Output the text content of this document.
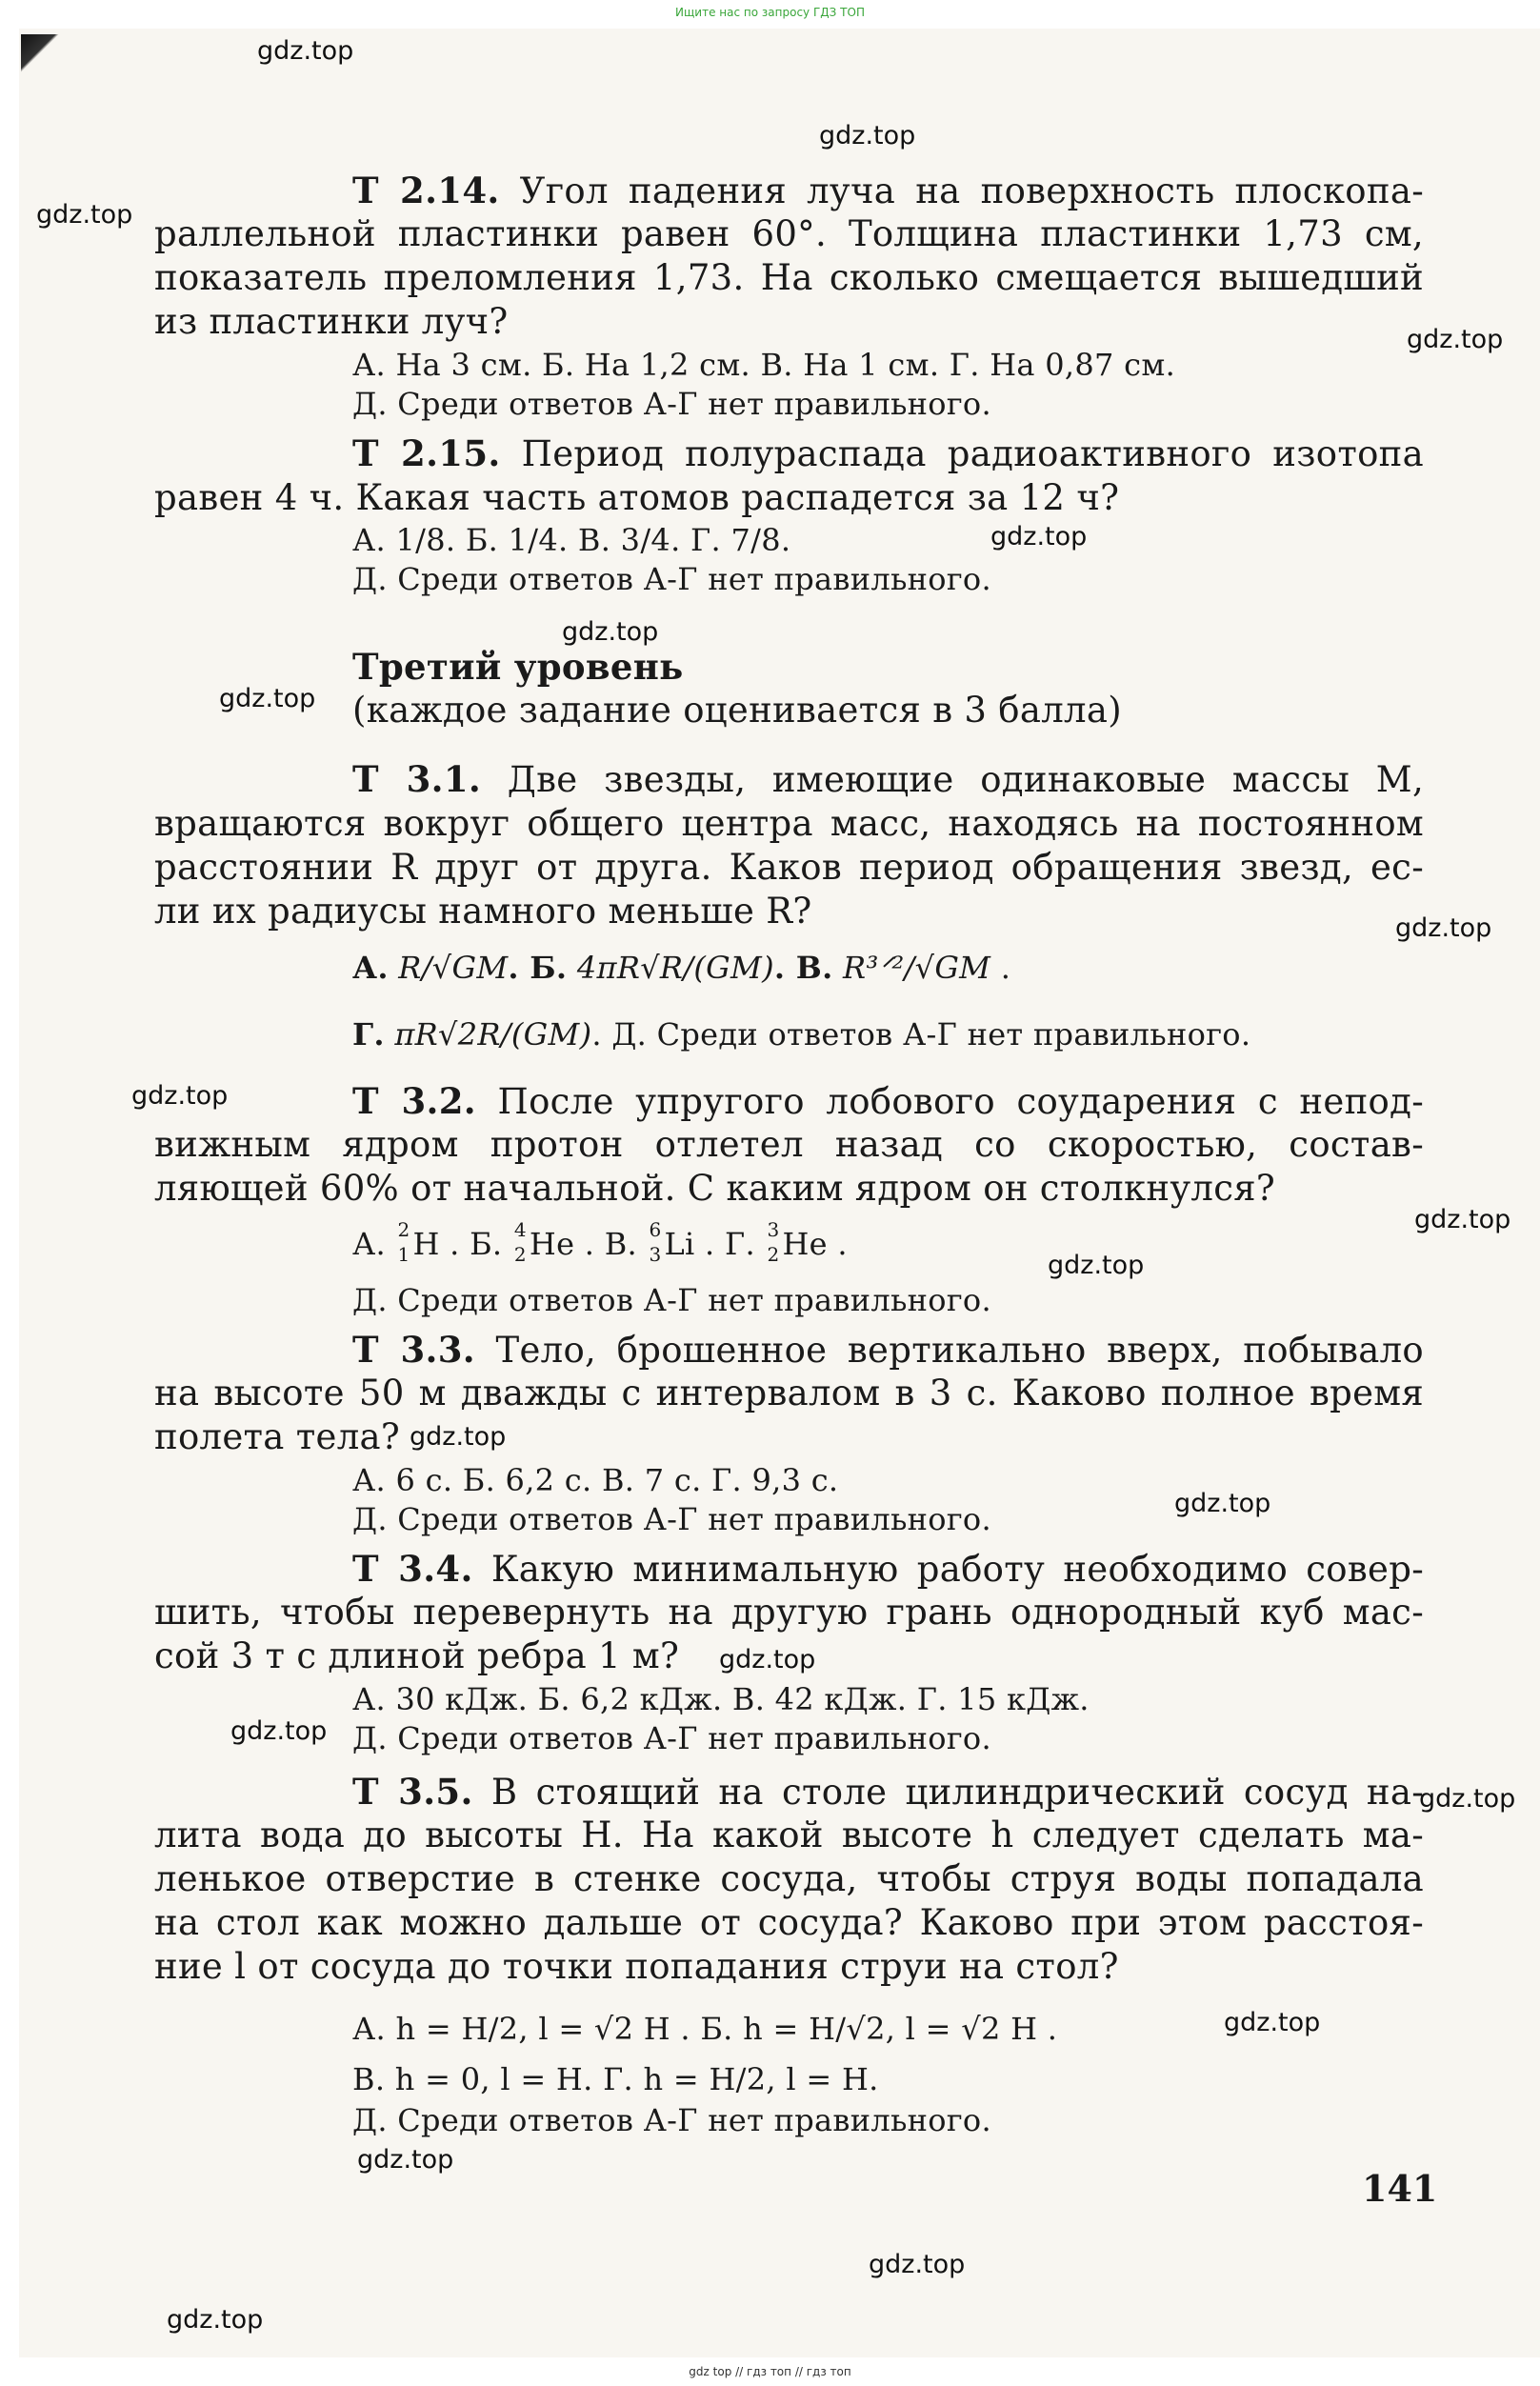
Ищите нас по запросу ГДЗ ТОП
gdz.top
gdz.top
gdz.top
gdz.top
gdz.top
gdz.top
gdz.top
gdz.top
gdz.top
gdz.top
gdz.top
gdz.top
gdz.top
gdz.top
gdz.top
gdz.top
gdz.top
gdz.top
gdz.top
gdz.top
Т 2.14. Угол падения луча на поверхность плоскопа-
раллельной пластинки равен 60°. Толщина пластинки 1,73 см,
показатель преломления 1,73. На сколько смещается вышедший
из пластинки луч?
А. На 3 см. Б. На 1,2 см. В. На 1 см. Г. На 0,87 см.
Д. Среди ответов А-Г нет правильного.
Т 2.15. Период полураспада радиоактивного изотопа
равен 4 ч. Какая часть атомов распадется за 12 ч?
А. 1/8. Б. 1/4. В. 3/4. Г. 7/8.
Д. Среди ответов А-Г нет правильного.
Третий уровень
(каждое задание оценивается в 3 балла)
Т 3.1. Две звезды, имеющие одинаковые массы M,
вращаются вокруг общего центра масс, находясь на постоянном
расстоянии R друг от друга. Каков период обращения звезд, ес-
ли их радиусы намного меньше R?
А. R/√GM. Б. 4πR√R/(GM). В. R³ᐟ²/√GM .
Г. πR√2R/(GM). Д. Среди ответов А-Г нет правильного.
Т 3.2. После упругого лобового соударения с непод-
вижным ядром протон отлетел назад со скоростью, состав-
ляющей 60% от начальной. С каким ядром он столкнулся?
А. 2
1 H . Б. 4
2 He . В. 6
3 Li . Г. 3
2 He .
Д. Среди ответов А-Г нет правильного.
Т 3.3. Тело, брошенное вертикально вверх, побывало
на высоте 50 м дважды с интервалом в 3 с. Каково полное время
полета тела?
А. 6 с. Б. 6,2 с. В. 7 с. Г. 9,3 с.
Д. Среди ответов А-Г нет правильного.
Т 3.4. Какую минимальную работу необходимо совер-
шить, чтобы перевернуть на другую грань однородный куб мас-
сой 3 т с длиной ребра 1 м?
А. 30 кДж. Б. 6,2 кДж. В. 42 кДж. Г. 15 кДж.
Д. Среди ответов А-Г нет правильного.
Т 3.5. В стоящий на столе цилиндрический сосуд на-
лита вода до высоты H. На какой высоте h следует сделать ма-
ленькое отверстие в стенке сосуда, чтобы струя воды попадала
на стол как можно дальше от сосуда? Каково при этом расстоя-
ние l от сосуда до точки попадания струи на стол?
А. h = H/2, l = √2 H . Б. h = H/√2, l = √2 H .
В. h = 0, l = H. Г. h = H/2, l = H.
Д. Среди ответов А-Г нет правильного.
141
gdz top // гдз топ // гдз топ
